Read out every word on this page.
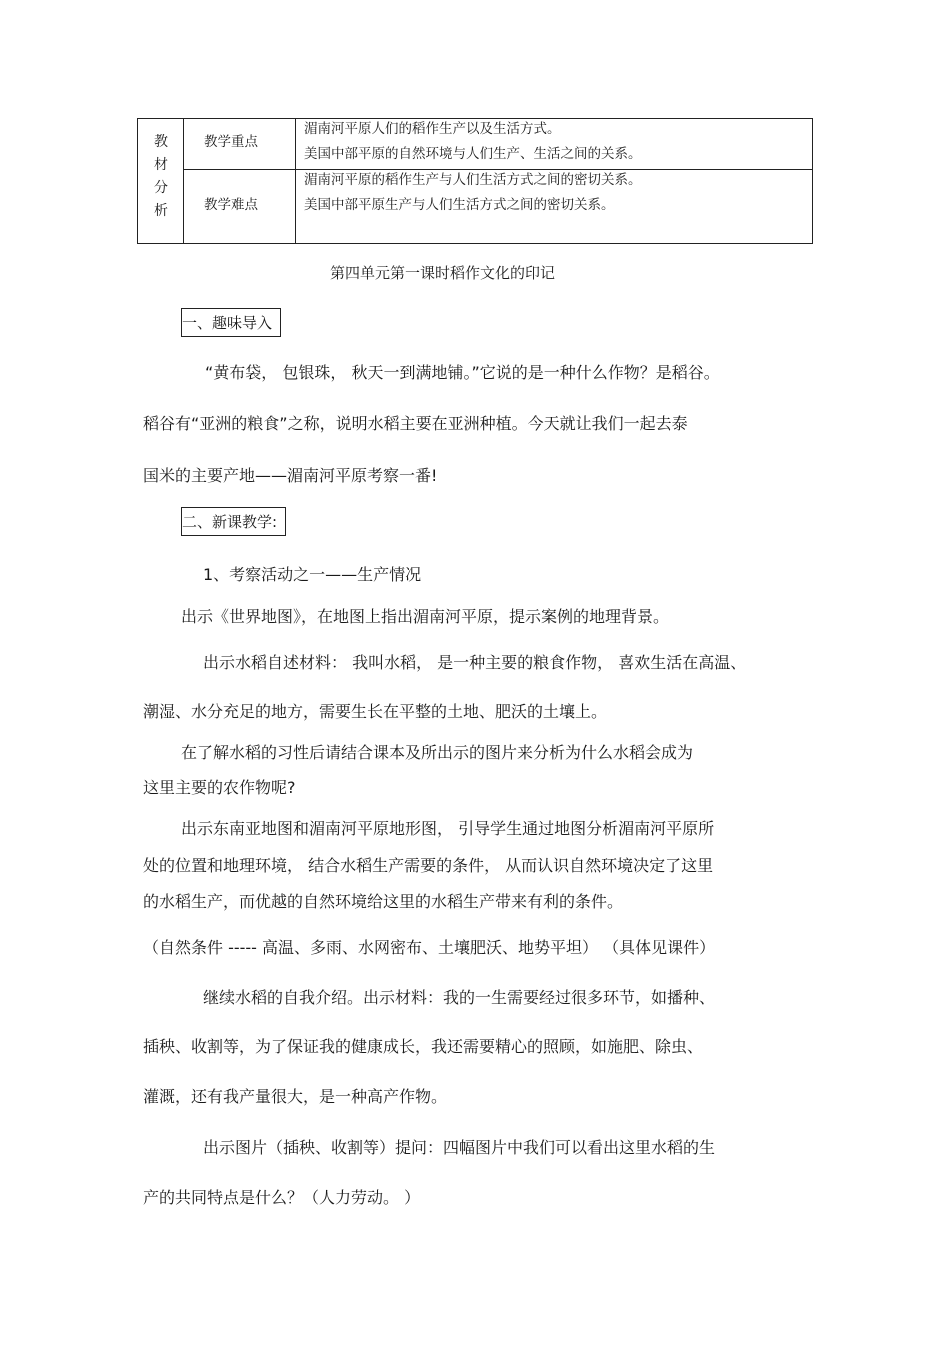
教
材
分
析
教学重点
湄南河平原人们的稻作生产以及生活方式。
美国中部平原的自然环境与人们生产、生活之间的关系。
教学难点
湄南河平原的稻作生产与人们生活方式之间的密切关系。
美国中部平原生产与人们生活方式之间的密切关系。
第四单元第一课时稻作文化的印记
一、趣味导入
“黄布袋， 包银珠， 秋天一到满地铺。”它说的是一种什么作物？是稻谷。
稻谷有“亚洲的粮食”之称，说明水稻主要在亚洲种植。今天就让我们一起去泰
国米的主要产地——湄南河平原考察一番!
二、新课教学:
1、考察活动之一——生产情况
出示《世界地图》，在地图上指出湄南河平原，提示案例的地理背景。
出示水稻自述材料： 我叫水稻， 是一种主要的粮食作物， 喜欢生活在高温、
潮湿、水分充足的地方，需要生长在平整的土地、肥沃的土壤上。
在了解水稻的习性后请结合课本及所出示的图片来分析为什么水稻会成为
这里主要的农作物呢?
出示东南亚地图和湄南河平原地形图， 引导学生通过地图分析湄南河平原所
处的位置和地理环境， 结合水稻生产需要的条件， 从而认识自然环境决定了这里
的水稻生产，而优越的自然环境给这里的水稻生产带来有利的条件。
（自然条件 ----- 高温、多雨、水网密布、土壤肥沃、地势平坦） （具体见课件）
继续水稻的自我介绍。出示材料：我的一生需要经过很多环节，如播种、
插秧、收割等，为了保证我的健康成长，我还需要精心的照顾，如施肥、除虫、
灌溉，还有我产量很大，是一种高产作物。
出示图片（插秧、收割等）提问：四幅图片中我们可以看出这里水稻的生
产的共同特点是什么？（人力劳动。 ）
